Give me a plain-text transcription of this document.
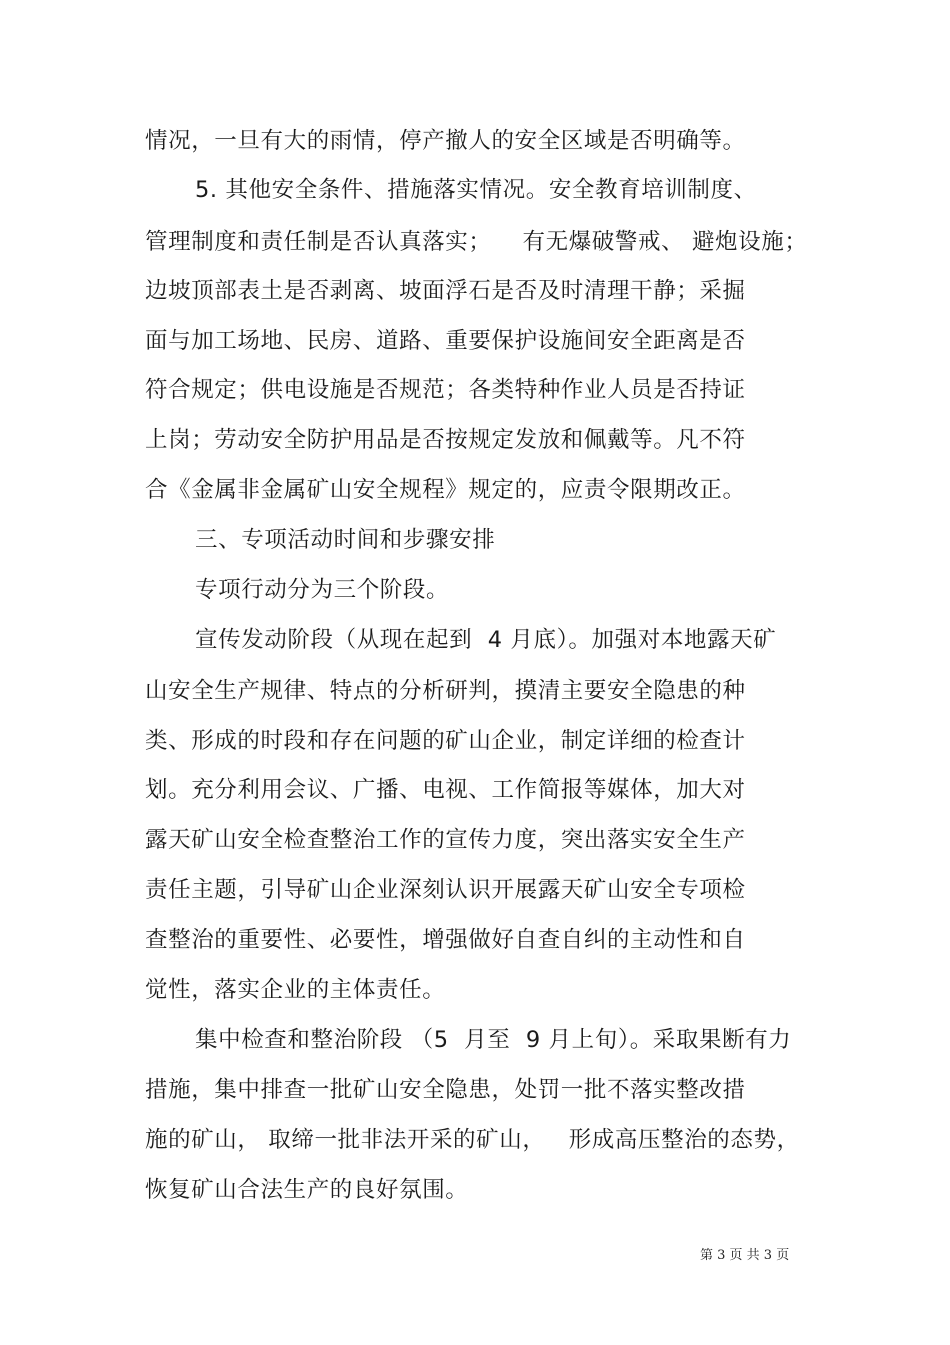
情况，一旦有大的雨情，停产撤人的安全区域是否明确等。
5. 其他安全条件、措施落实情况。安全教育培训制度、
管理制度和责任制是否认真落实；    有无爆破警戒、 避炮设施；
边坡顶部表土是否剥离、坡面浮石是否及时清理干静；采掘
面与加工场地、民房、道路、重要保护设施间安全距离是否
符合规定；供电设施是否规范；各类特种作业人员是否持证
上岗；劳动安全防护用品是否按规定发放和佩戴等。凡不符
合《金属非金属矿山安全规程》规定的，应责令限期改正。
三、专项活动时间和步骤安排
专项行动分为三个阶段。
宣传发动阶段（从现在起到  4 月底）。加强对本地露天矿
山安全生产规律、特点的分析研判，摸清主要安全隐患的种
类、形成的时段和存在问题的矿山企业，制定详细的检查计
划。充分利用会议、广播、电视、工作简报等媒体，加大对
露天矿山安全检查整治工作的宣传力度，突出落实安全生产
责任主题，引导矿山企业深刻认识开展露天矿山安全专项检
查整治的重要性、必要性，增强做好自查自纠的主动性和自
觉性，落实企业的主体责任。
集中检查和整治阶段 （5  月至  9 月上旬）。采取果断有力
措施，集中排查一批矿山安全隐患，处罚一批不落实整改措
施的矿山， 取缔一批非法开采的矿山，   形成高压整治的态势，
恢复矿山合法生产的良好氛围。
第 3 页 共 3 页
